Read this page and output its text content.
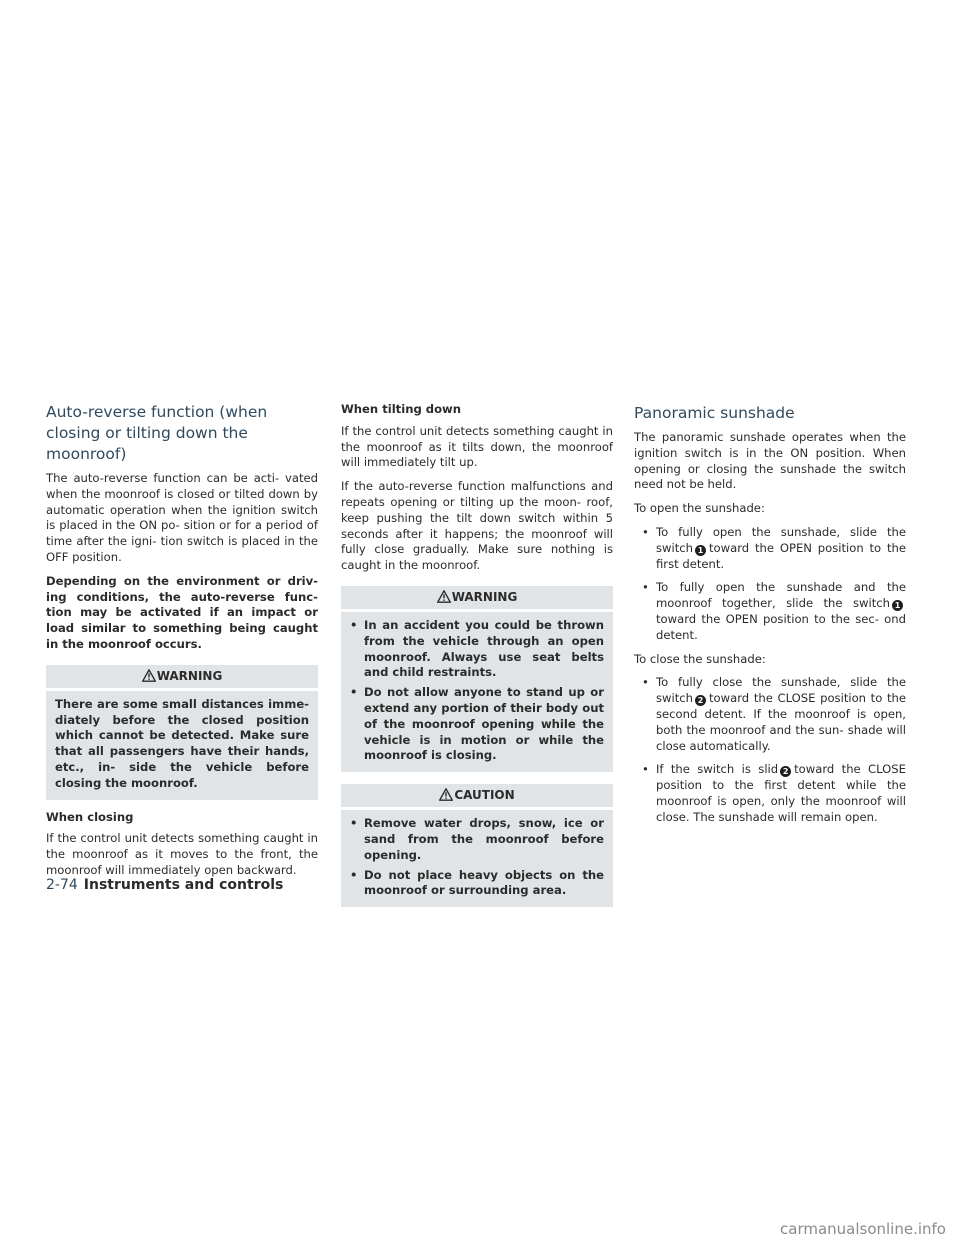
Auto-reverse function (when closing or tilting down the moonroof)

The auto-reverse function can be acti- vated when the moonroof is closed or tilted down by automatic operation when the ignition switch is placed in the ON po- sition or for a period of time after the igni- tion switch is placed in the OFF position.

Depending on the environment or driv- ing conditions, the auto-reverse func- tion may be activated if an impact or load similar to something being caught in the moonroof occurs.

WARNING
There are some small distances imme- diately before the closed position which cannot be detected. Make sure that all passengers have their hands, etc., in- side the vehicle before closing the moonroof.
When closing

If the control unit detects something caught in the moonroof as it moves to the front, the moonroof will immediately open backward.

When tilting down

If the control unit detects something caught in the moonroof as it tilts down, the moonroof will immediately tilt up.

If the auto-reverse function malfunctions and repeats opening or tilting up the moon- roof, keep pushing the tilt down switch within 5 seconds after it happens; the moonroof will fully close gradually. Make sure nothing is caught in the moonroof.

WARNING
• In an accident you could be thrown from the vehicle through an open moonroof. Always use seat belts and child restraints.
• Do not allow anyone to stand up or extend any portion of their body out of the moonroof opening while the vehicle is in motion or while the moonroof is closing.
CAUTION
• Remove water drops, snow, ice or sand from the moonroof before opening.
• Do not place heavy objects on the moonroof or surrounding area.
Panoramic sunshade

The panoramic sunshade operates when the ignition switch is in the ON position. When opening or closing the sunshade the switch need not be held.

To open the sunshade:

• To fully open the sunshade, slide the switch 1 toward the OPEN position to the first detent.
• To fully open the sunshade and the moonroof together, slide the switch 1toward the OPEN position to the sec- ond detent.

To close the sunshade:

• To fully close the sunshade, slide the switch 2 toward the CLOSE position to the second detent. If the moonroof is open, both the moonroof and the sun- shade will close automatically.
• If the switch is slid 2 toward the CLOSE position to the first detent while the moonroof is open, only the moonroof will close. The sunshade will remain open.
2-74 Instruments and controls
carmanualsonline.info
